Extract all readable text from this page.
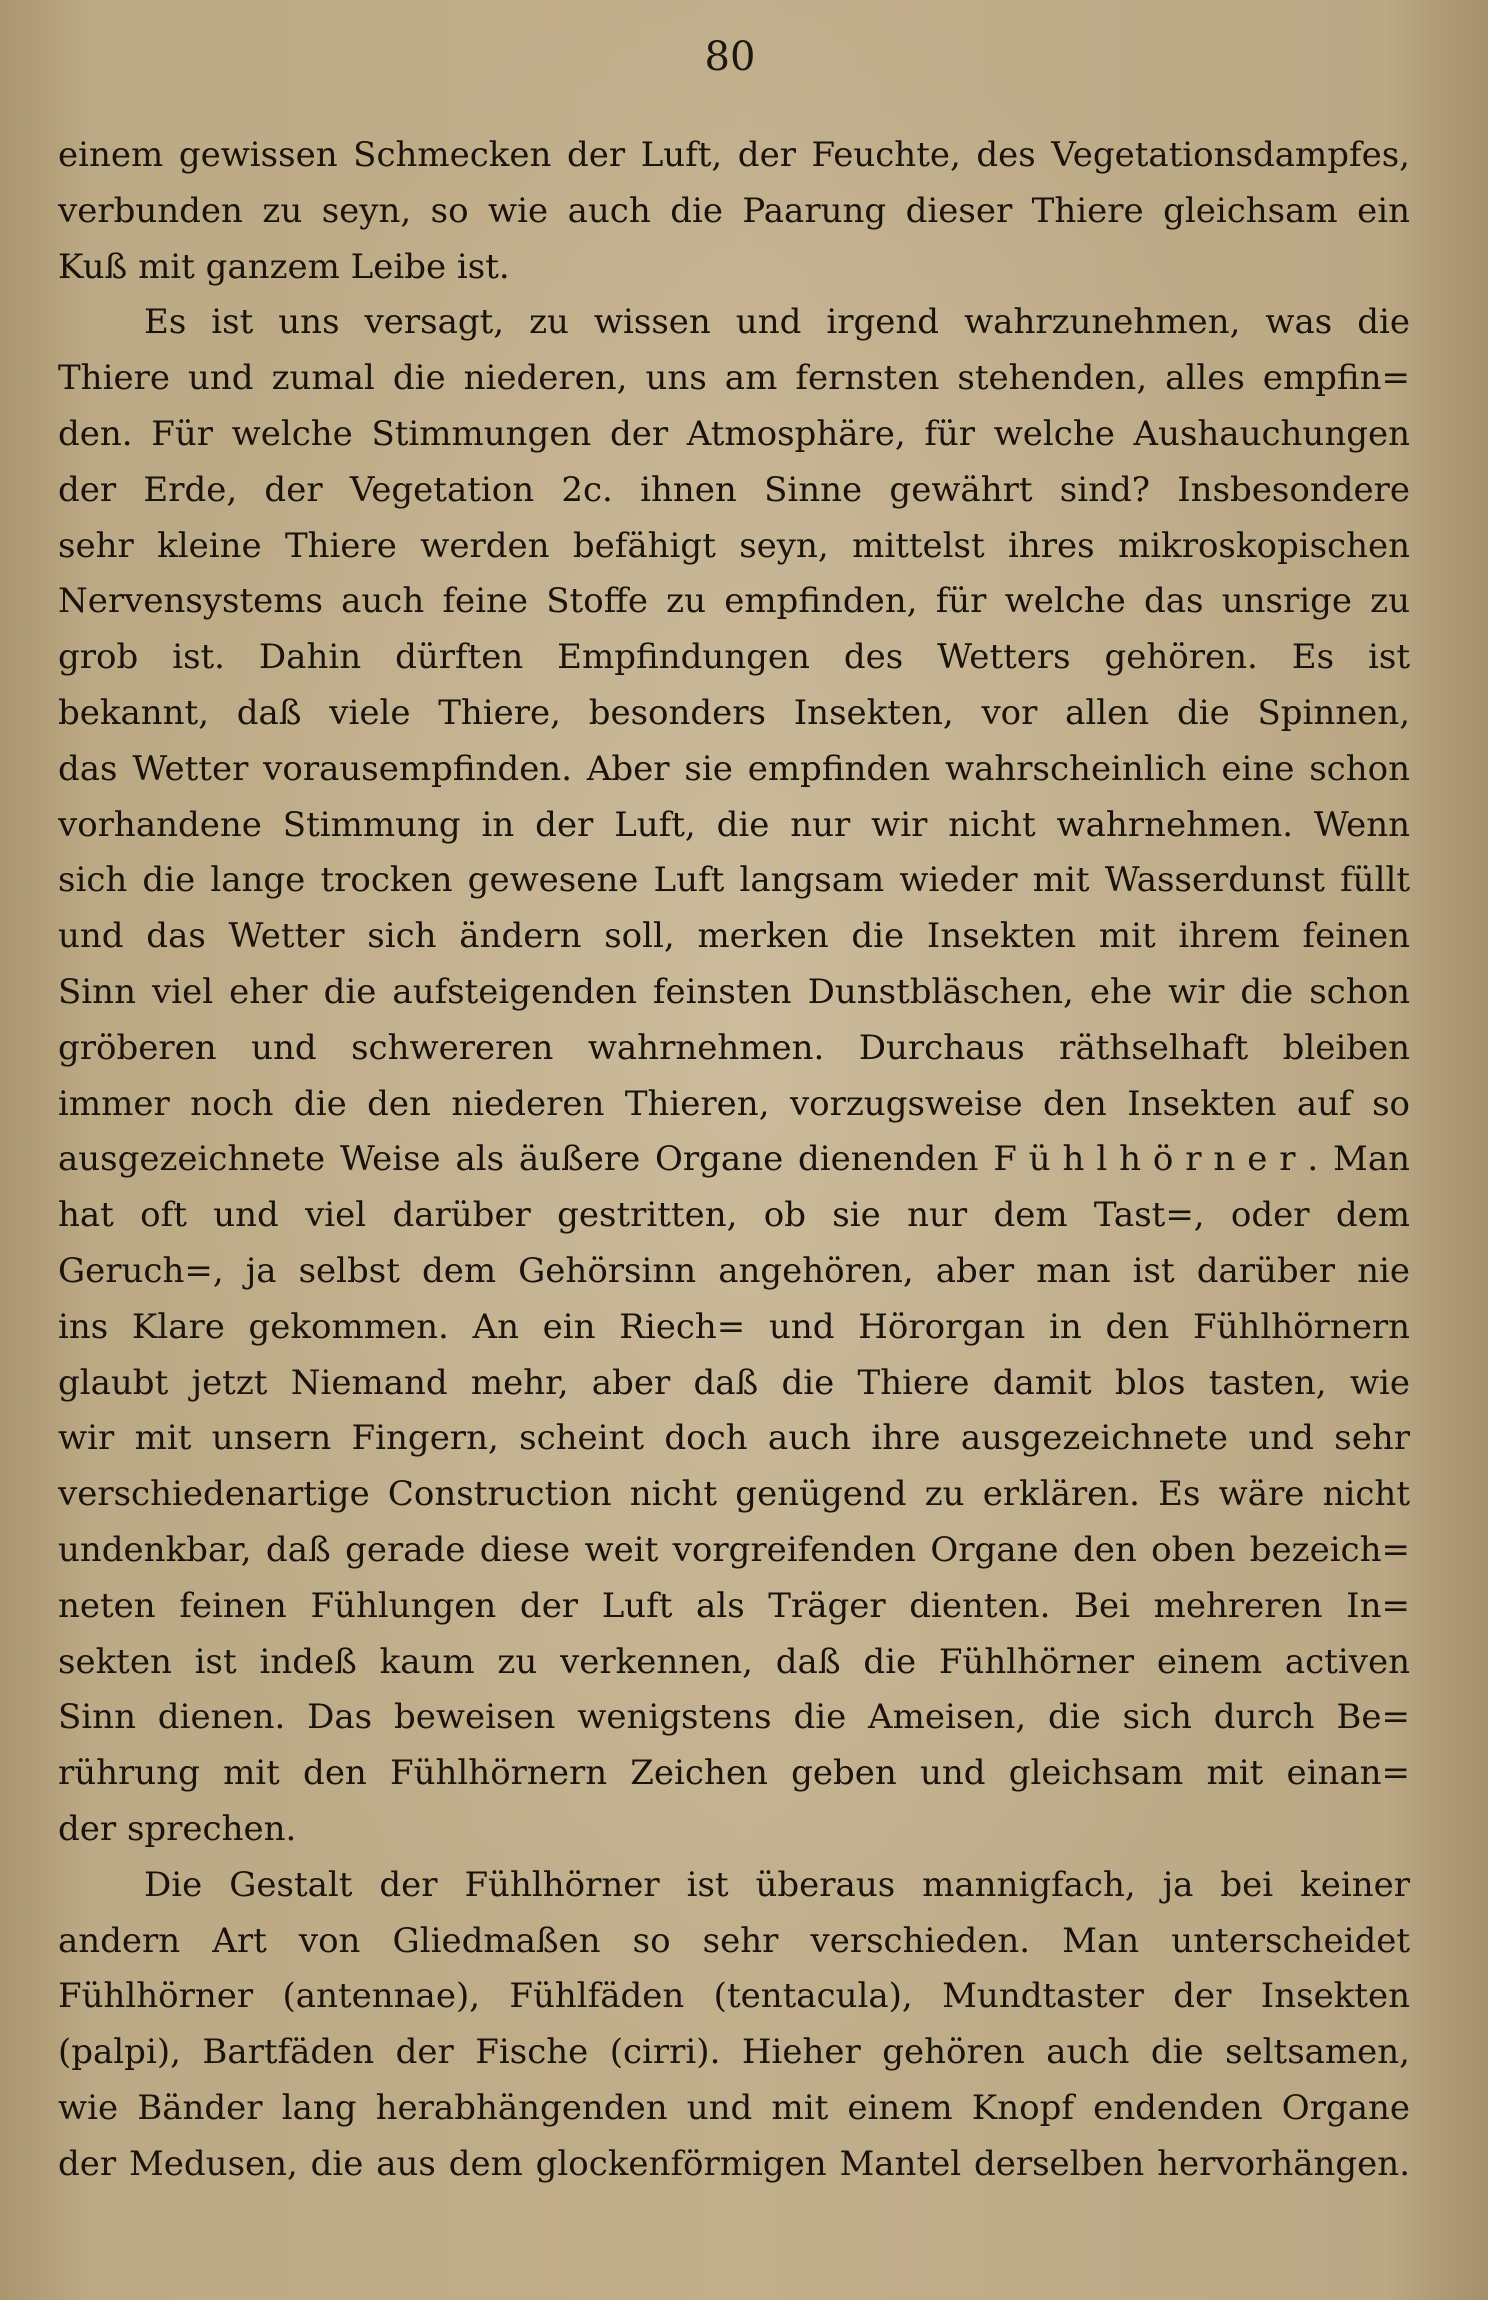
80
einem gewissen Schmecken der Luft, der Feuchte, des Vegetationsdampfes,
verbunden zu seyn, so wie auch die Paarung dieser Thiere gleichsam ein
Kuß mit ganzem Leibe ist.
Es ist uns versagt, zu wissen und irgend wahrzunehmen, was die
Thiere und zumal die niederen, uns am fernsten stehenden, alles empfin=
den. Für welche Stimmungen der Atmosphäre, für welche Aushauchungen
der Erde, der Vegetation 2c. ihnen Sinne gewährt sind? Insbesondere
sehr kleine Thiere werden befähigt seyn, mittelst ihres mikroskopischen
Nervensystems auch feine Stoffe zu empfinden, für welche das unsrige zu
grob ist. Dahin dürften Empfindungen des Wetters gehören. Es ist
bekannt, daß viele Thiere, besonders Insekten, vor allen die Spinnen,
das Wetter vorausempfinden. Aber sie empfinden wahrscheinlich eine schon
vorhandene Stimmung in der Luft, die nur wir nicht wahrnehmen. Wenn
sich die lange trocken gewesene Luft langsam wieder mit Wasserdunst füllt
und das Wetter sich ändern soll, merken die Insekten mit ihrem feinen
Sinn viel eher die aufsteigenden feinsten Dunstbläschen, ehe wir die schon
gröberen und schwereren wahrnehmen. Durchaus räthselhaft bleiben
immer noch die den niederen Thieren, vorzugsweise den Insekten auf so
ausgezeichnete Weise als äußere Organe dienenden Fühlhörner. Man
hat oft und viel darüber gestritten, ob sie nur dem Tast=, oder dem
Geruch=, ja selbst dem Gehörsinn angehören, aber man ist darüber nie
ins Klare gekommen. An ein Riech= und Hörorgan in den Fühlhörnern
glaubt jetzt Niemand mehr, aber daß die Thiere damit blos tasten, wie
wir mit unsern Fingern, scheint doch auch ihre ausgezeichnete und sehr
verschiedenartige Construction nicht genügend zu erklären. Es wäre nicht
undenkbar, daß gerade diese weit vorgreifenden Organe den oben bezeich=
neten feinen Fühlungen der Luft als Träger dienten. Bei mehreren In=
sekten ist indeß kaum zu verkennen, daß die Fühlhörner einem activen
Sinn dienen. Das beweisen wenigstens die Ameisen, die sich durch Be=
rührung mit den Fühlhörnern Zeichen geben und gleichsam mit einan=
der sprechen.
Die Gestalt der Fühlhörner ist überaus mannigfach, ja bei keiner
andern Art von Gliedmaßen so sehr verschieden. Man unterscheidet
Fühlhörner (antennae), Fühlfäden (tentacula), Mundtaster der Insekten
(palpi), Bartfäden der Fische (cirri). Hieher gehören auch die seltsamen,
wie Bänder lang herabhängenden und mit einem Knopf endenden Organe
der Medusen, die aus dem glockenförmigen Mantel derselben hervorhängen.
